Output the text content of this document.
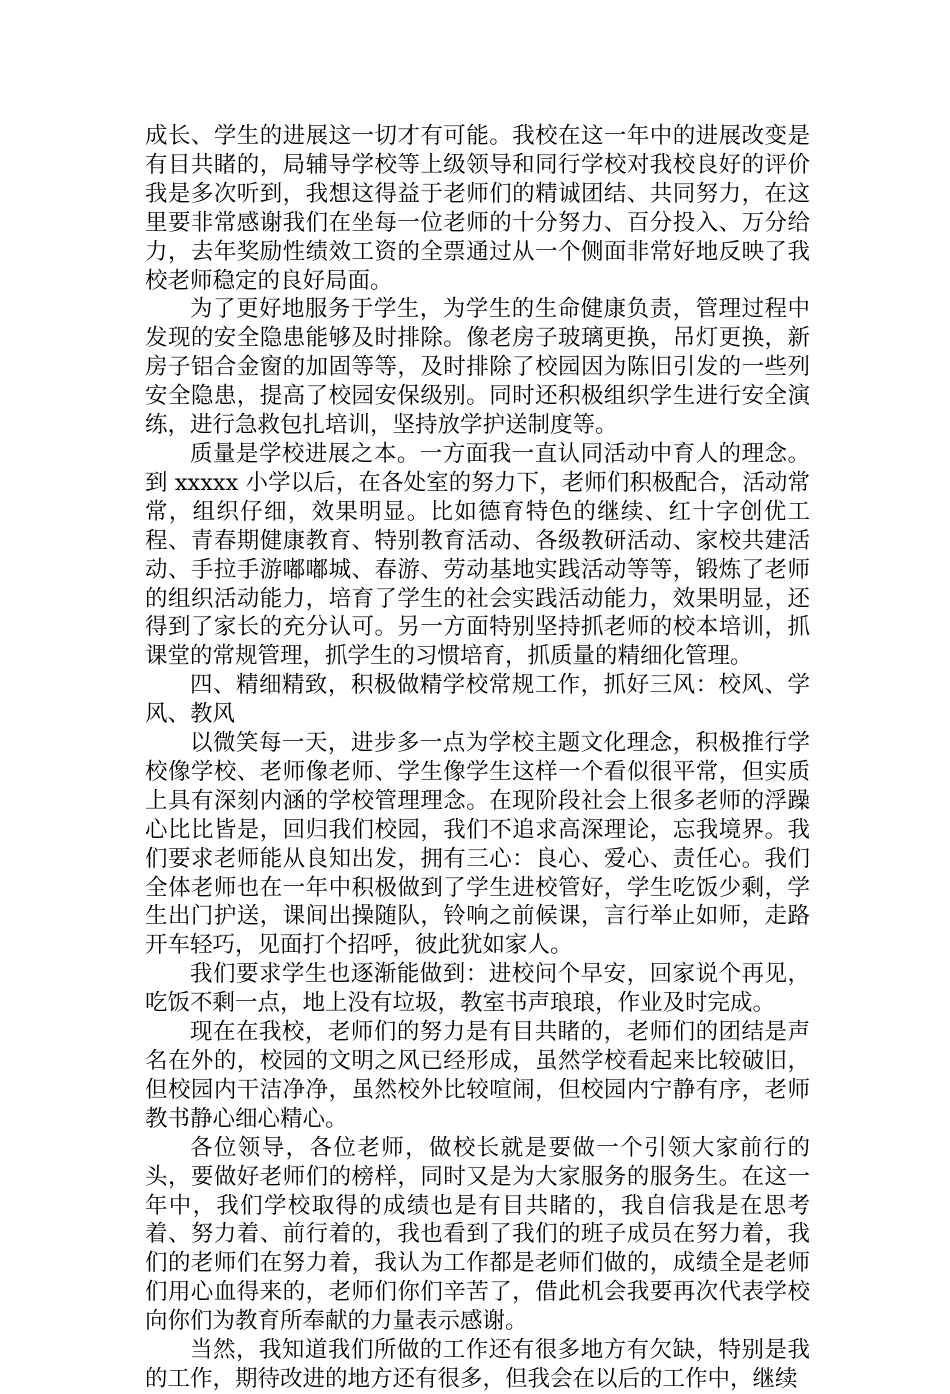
成长、学生的进展这一切才有可能。我校在这一年中的进展改变是有目共睹的，局辅导学校等上级领导和同行学校对我校良好的评价我是多次听到，我想这得益于老师们的精诚团结、共同努力，在这里要非常感谢我们在坐每一位老师的十分努力、百分投入、万分给力，去年奖励性绩效工资的全票通过从一个侧面非常好地反映了我校老师稳定的良好局面。

为了更好地服务于学生，为学生的生命健康负责，管理过程中发现的安全隐患能够及时排除。像老房子玻璃更换，吊灯更换，新房子铝合金窗的加固等等，及时排除了校园因为陈旧引发的一些列安全隐患，提高了校园安保级别。同时还积极组织学生进行安全演练，进行急救包扎培训，坚持放学护送制度等。

质量是学校进展之本。一方面我一直认同活动中育人的理念。到 xxxxx 小学以后，在各处室的努力下，老师们积极配合，活动常常，组织仔细，效果明显。比如德育特色的继续、红十字创优工程、青春期健康教育、特别教育活动、各级教研活动、家校共建活动、手拉手游嘟嘟城、春游、劳动基地实践活动等等，锻炼了老师的组织活动能力，培育了学生的社会实践活动能力，效果明显，还得到了家长的充分认可。另一方面特别坚持抓老师的校本培训，抓课堂的常规管理，抓学生的习惯培育，抓质量的精细化管理。

四、精细精致，积极做精学校常规工作，抓好三风：校风、学风、教风

以微笑每一天，进步多一点为学校主题文化理念，积极推行学校像学校、老师像老师、学生像学生这样一个看似很平常，但实质上具有深刻内涵的学校管理理念。在现阶段社会上很多老师的浮躁心比比皆是，回归我们校园，我们不追求高深理论，忘我境界。我们要求老师能从良知出发，拥有三心：良心、爱心、责任心。我们全体老师也在一年中积极做到了学生进校管好，学生吃饭少剩，学生出门护送，课间出操随队，铃响之前候课，言行举止如师，走路开车轻巧，见面打个招呼，彼此犹如家人。

我们要求学生也逐渐能做到：进校问个早安，回家说个再见，吃饭不剩一点，地上没有垃圾，教室书声琅琅，作业及时完成。

现在在我校，老师们的努力是有目共睹的，老师们的团结是声名在外的，校园的文明之风已经形成，虽然学校看起来比较破旧，但校园内干洁净净，虽然校外比较喧闹，但校园内宁静有序，老师教书静心细心精心。

各位领导，各位老师，做校长就是要做一个引领大家前行的头，要做好老师们的榜样，同时又是为大家服务的服务生。在这一年中，我们学校取得的成绩也是有目共睹的，我自信我是在思考着、努力着、前行着的，我也看到了我们的班子成员在努力着，我们的老师们在努力着，我认为工作都是老师们做的，成绩全是老师们用心血得来的，老师们你们辛苦了，借此机会我要再次代表学校向你们为教育所奉献的力量表示感谢。

当然，我知道我们所做的工作还有很多地方有欠缺，特别是我的工作，期待改进的地方还有很多，但我会在以后的工作中，继续
